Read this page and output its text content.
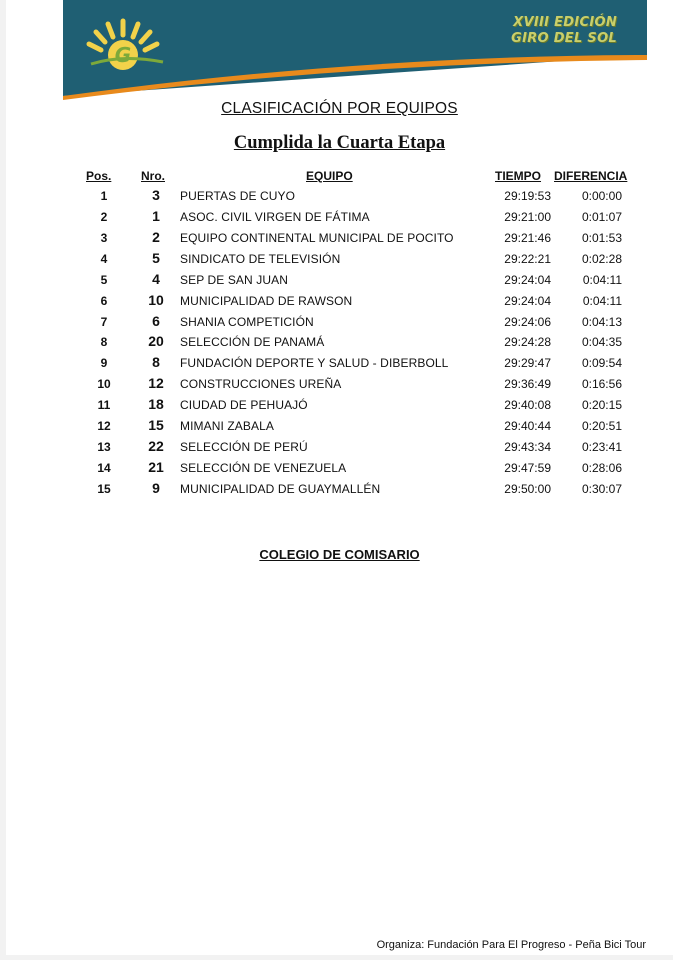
G
XVIII EDICIÓN
GIRO DEL SOL
CLASIFICACIÓN POR EQUIPOS
Cumplida la Cuarta Etapa
Pos. Nro.	EQUIPO	TIEMPO DIFERENCIA
1	3	PUERTAS DE CUYO	29:19:53	0:00:00
2	1	ASOC. CIVIL VIRGEN DE FÁTIMA	29:21:00	0:01:07
3	2	EQUIPO CONTINENTAL MUNICIPAL DE POCITO	29:21:46	0:01:53
4	5	SINDICATO DE TELEVISIÓN	29:22:21	0:02:28
5	4	SEP DE SAN JUAN	29:24:04	0:04:11
6	10	MUNICIPALIDAD DE RAWSON	29:24:04	0:04:11
7	6	SHANIA COMPETICIÓN	29:24:06	0:04:13
8	20	SELECCIÓN DE PANAMÁ	29:24:28	0:04:35
9	8	FUNDACIÓN DEPORTE Y SALUD - DIBERBOLL	29:29:47	0:09:54
10	12	CONSTRUCCIONES UREÑA	29:36:49	0:16:56
11	18	CIUDAD DE PEHUAJÓ	29:40:08	0:20:15
12	15	MIMANI ZABALA	29:40:44	0:20:51
13	22	SELECCIÓN DE PERÚ	29:43:34	0:23:41
14	21	SELECCIÓN DE VENEZUELA	29:47:59	0:28:06
15	9	MUNICIPALIDAD DE GUAYMALLÉN	29:50:00	0:30:07
COLEGIO DE COMISARIO
Organiza: Fundación Para El Progreso - Peña Bici Tour
